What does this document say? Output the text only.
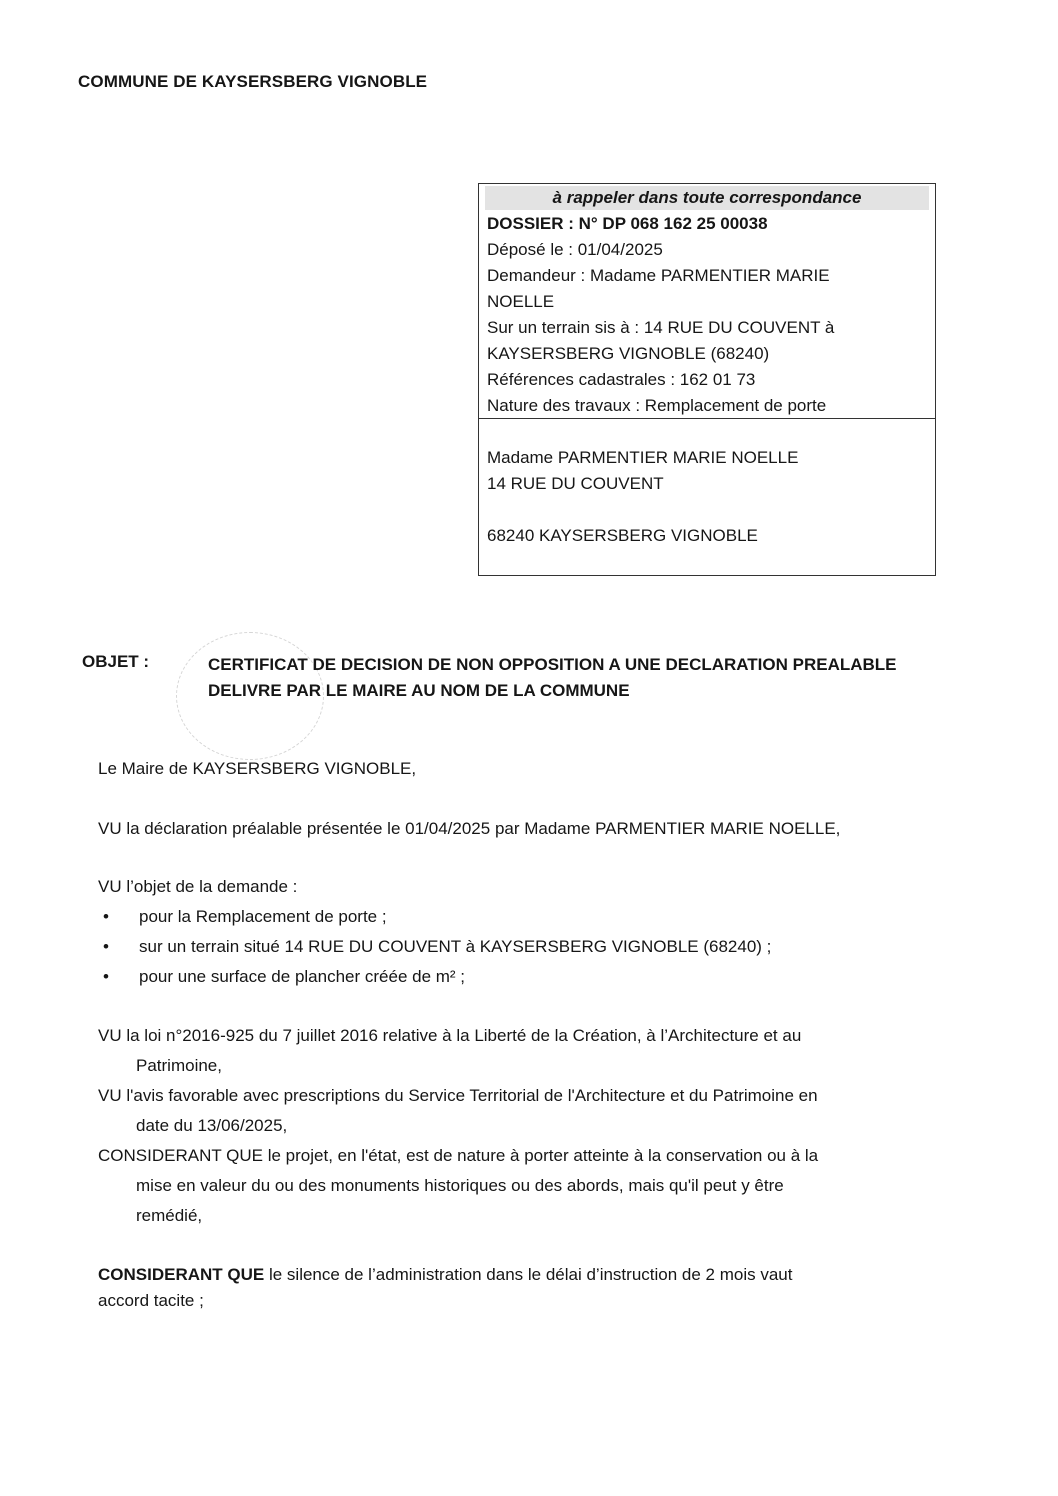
COMMUNE DE KAYSERSBERG VIGNOBLE
à rappeler dans toute correspondance
DOSSIER : N° DP 068 162 25 00038
Déposé le : 01/04/2025
Demandeur : Madame PARMENTIER MARIE
NOELLE
Sur un terrain sis à : 14 RUE DU COUVENT à
KAYSERSBERG VIGNOBLE (68240)
Références cadastrales : 162 01 73
Nature des travaux : Remplacement de porte
Madame PARMENTIER MARIE NOELLE
14 RUE DU COUVENT
68240 KAYSERSBERG VIGNOBLE
OBJET :	CERTIFICAT DE DECISION DE NON OPPOSITION A UNE DECLARATION PREALABLE
DELIVRE PAR LE MAIRE AU NOM DE LA COMMUNE
Le Maire de KAYSERSBERG VIGNOBLE,
VU la déclaration préalable présentée le 01/04/2025 par Madame PARMENTIER MARIE NOELLE,
VU l’objet de la demande :
• pour la Remplacement de porte ;
• sur un terrain situé 14 RUE DU COUVENT à KAYSERSBERG VIGNOBLE (68240) ;
• pour une surface de plancher créée de m² ;
VU la loi n°2016-925 du 7 juillet 2016 relative à la Liberté de la Création, à l’Architecture et au
Patrimoine,
VU l'avis favorable avec prescriptions du Service Territorial de l'Architecture et du Patrimoine en
date du 13/06/2025,
CONSIDERANT QUE le projet, en l'état, est de nature à porter atteinte à la conservation ou à la
mise en valeur du ou des monuments historiques ou des abords, mais qu'il peut y être
remédié,
CONSIDERANT QUE le silence de l’administration dans le délai d’instruction de 2 mois vaut
accord tacite ;
